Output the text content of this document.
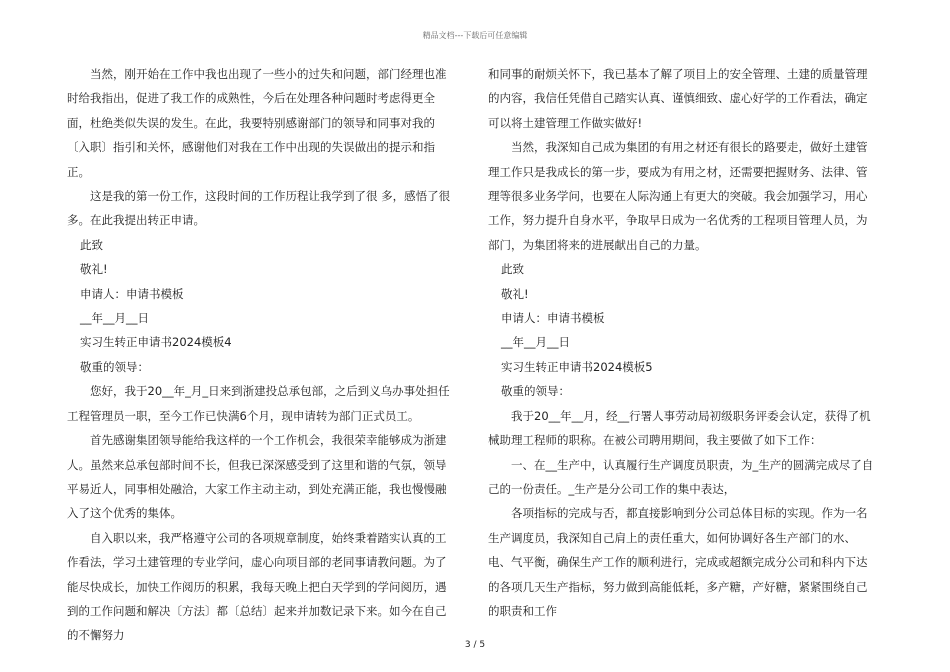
精品文档---下载后可任意编辑

当然，刚开始在工作中我也出现了一些小的过失和问题，部门经理也准时给我指出，促进了我工作的成熟性，今后在处理各种问题时考虑得更全面，杜绝类似失误的发生。在此，我要特别感谢部门的领导和同事对我的〔入职〕指引和关怀，感谢他们对我在工作中出现的失误做出的提示和指正。

这是我的第一份工作，这段时间的工作历程让我学到了很 多，感悟了很多。在此我提出转正申请。

此致

敬礼!

申请人：申请书模板

__年__月__日

实习生转正申请书2024模板4

敬重的领导：

您好，我于20__年_月_日来到浙建投总承包部，之后到义乌办事处担任工程管理员一职，至今工作已快满6个月，现申请转为部门正式员工。

首先感谢集团领导能给我这样的一个工作机会，我很荣幸能够成为浙建人。虽然来总承包部时间不长，但我已深深感受到了这里和谐的气氛，领导平易近人，同事相处融洽，大家工作主动主动，到处充满正能，我也慢慢融入了这个优秀的集体。

自入职以来，我严格遵守公司的各项规章制度，始终秉着踏实认真的工作看法，学习土建管理的专业学问，虚心向项目部的老同事请教问题。为了能尽快成长，加快工作阅历的积累，我每天晚上把白天学到的学问阅历，遇到的工作问题和解决〔方法〕都〔总结〕起来并加数记录下来。如今在自己的不懈努力

和同事的耐烦关怀下，我已基本了解了项目上的安全管理、土建的质量管理的内容，我信任凭借自己踏实认真、谨慎细致、虚心好学的工作看法，确定可以将土建管理工作做实做好!

当然，我深知自己成为集团的有用之材还有很长的路要走，做好土建管理工作只是我成长的第一步，要成为有用之材，还需要把握财务、法律、管理等很多业务学问，也要在人际沟通上有更大的突破。我会加强学习，用心工作，努力提升自身水平，争取早日成为一名优秀的工程项目管理人员，为部门，为集团将来的进展献出自己的力量。

此致

敬礼!

申请人：申请书模板

__年__月__日

实习生转正申请书2024模板5

敬重的领导：

我于20__年__月，经__行署人事劳动局初级职务评委会认定，获得了机械助理工程师的职称。在被公司聘用期间，我主要做了如下工作：

一、在__生产中，认真履行生产调度员职责，为_生产的圆满完成尽了自己的一份责任。_生产是分公司工作的集中表达，

各项指标的完成与否，都直接影响到分公司总体目标的实现。作为一名生产调度员，我深知自己肩上的责任重大，如何协调好各生产部门的水、电、气平衡，确保生产工作的顺利进行，完成或超额完成分公司和科内下达的各项几天生产指标，努力做到高能低耗，多产糖，产好糖，紧紧围绕自己的职责和工作

3 / 5
